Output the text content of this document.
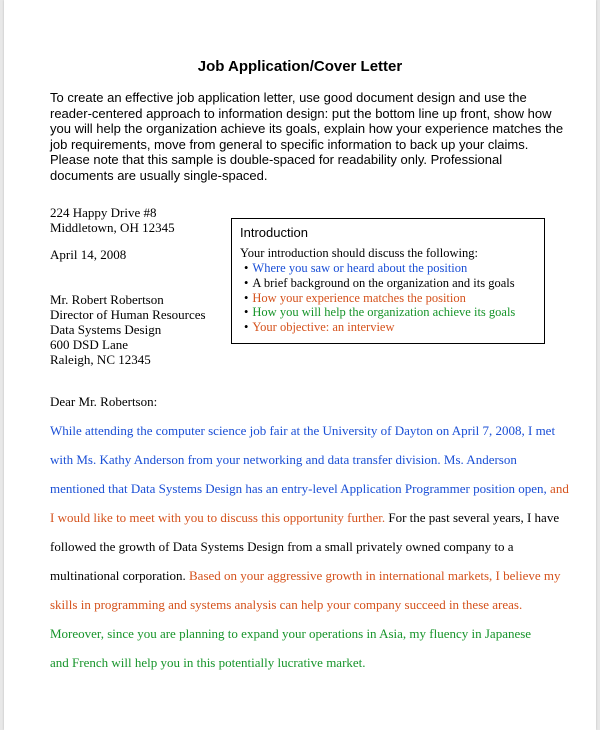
Job Application/Cover Letter
To create an effective job application letter, use good document design and use the
reader-centered approach to information design: put the bottom line up front, show how
you will help the organization achieve its goals, explain how your experience matches the
job requirements, move from general to specific information to back up your claims.
Please note that this sample is double-spaced for readability only. Professional
documents are usually single-spaced.
224 Happy Drive #8
Middletown, OH 12345
April 14, 2008
Mr. Robert Robertson
Director of Human Resources
Data Systems Design
600 DSD Lane
Raleigh, NC 12345
Introduction
Your introduction should discuss the following:
• Where you saw or heard about the position
• A brief background on the organization and its goals
• How your experience matches the position
• How you will help the organization achieve its goals
• Your objective: an interview
Dear Mr. Robertson:
While attending the computer science job fair at the University of Dayton on April 7, 2008, I met
with Ms. Kathy Anderson from your networking and data transfer division. Ms. Anderson
mentioned that Data Systems Design has an entry-level Application Programmer position open, and
I would like to meet with you to discuss this opportunity further. For the past several years, I have
followed the growth of Data Systems Design from a small privately owned company to a
multinational corporation. Based on your aggressive growth in international markets, I believe my
skills in programming and systems analysis can help your company succeed in these areas.
Moreover, since you are planning to expand your operations in Asia, my fluency in Japanese
and French will help you in this potentially lucrative market.
